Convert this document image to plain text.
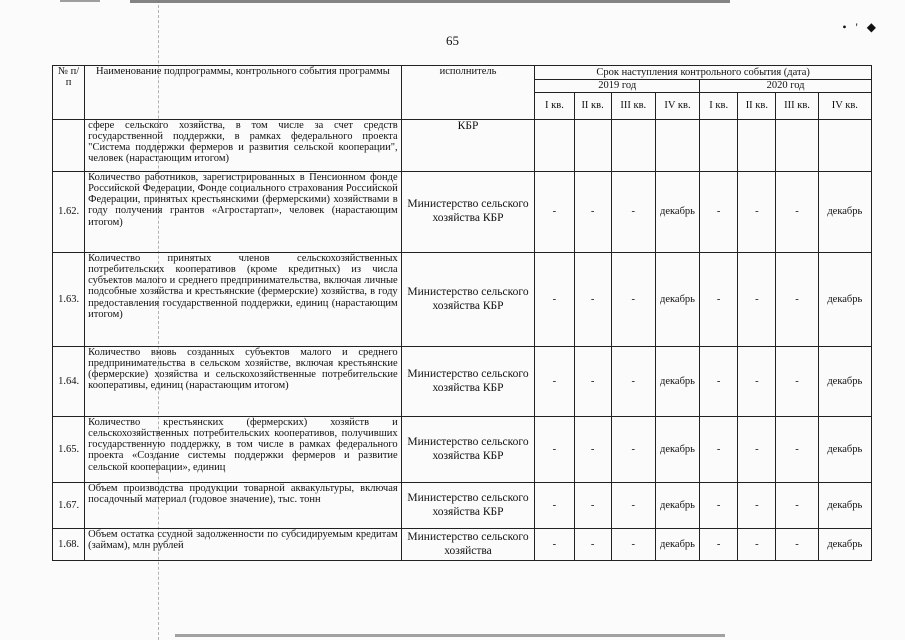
• ' ◆
65
№ п/п	Наименование подпрограммы, контрольного события программы	исполнитель	Срок наступления контрольного события (дата)							
			2019 год				2020 год			
			I кв.	II кв.	III кв.	IV кв.	I кв.	II кв.	III кв.	IV кв.
	сфере сельского хозяйства, в том числе за счет средств государственной поддержки, в рамках федерального проекта "Система поддержки фермеров и развития сельской кооперации", человек (нарастающим итогом)	КБР								
1.62.	Количество работников, зарегистрированных в Пенсионном фонде Российской Федерации, Фонде социального страхования Российской Федерации, принятых крестьянскими (фермерскими) хозяйствами в году получения грантов «Агростартап», человек (нарастающим итогом)	Министерство сельского хозяйства КБР	-	-	-	декабрь	-	-	-	декабрь
1.63.	Количество принятых членов сельскохозяйственных потребительских кооперативов (кроме кредитных) из числа субъектов малого и среднего предпринимательства, включая личные подсобные хозяйства и крестьянские (фермерские) хозяйства, в году предоставления государственной поддержки, единиц (нарастающим итогом)	Министерство сельского хозяйства КБР	-	-	-	декабрь	-	-	-	декабрь
1.64.	Количество вновь созданных субъектов малого и среднего предпринимательства в сельском хозяйстве, включая крестьянские (фермерские) хозяйства и сельскохозяйственные потребительские кооперативы, единиц (нарастающим итогом)	Министерство сельского хозяйства КБР	-	-	-	декабрь	-	-	-	декабрь
1.65.	Количество крестьянских (фермерских) хозяйств и сельскохозяйственных потребительских кооперативов, получивших государственную поддержку, в том числе в рамках федерального проекта «Создание системы поддержки фермеров и развитие сельской кооперации», единиц	Министерство сельского хозяйства КБР	-	-	-	декабрь	-	-	-	декабрь
1.67.	Объем производства продукции товарной аквакультуры, включая посадочный материал (годовое значение), тыс. тонн	Министерство сельского хозяйства КБР	-	-	-	декабрь	-	-	-	декабрь
1.68.	Объем остатка ссудной задолженности по субсидируемым кредитам (займам), млн рублей	Министерство сельского хозяйства	-	-	-	декабрь	-	-	-	декабрь
